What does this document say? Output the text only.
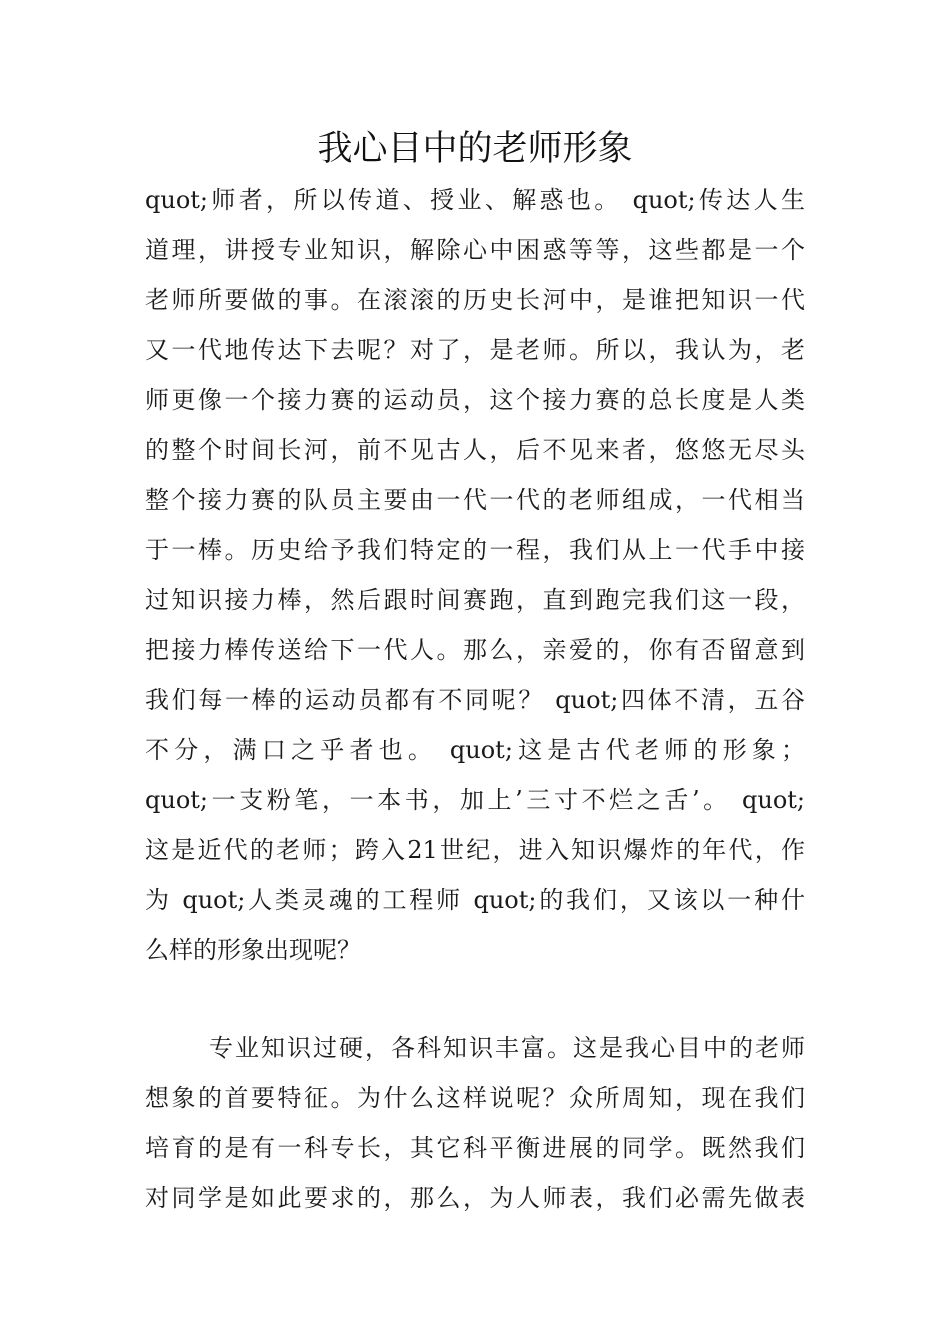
我心目中的老师形象
quot;师者，所以传道、授业、解惑也。 quot;传达人生
道理，讲授专业知识，解除心中困惑等等，这些都是一个
老师所要做的事。在滚滚的历史长河中，是谁把知识一代
又一代地传达下去呢？对了，是老师。所以，我认为，老
师更像一个接力赛的运动员，这个接力赛的总长度是人类
的整个时间长河，前不见古人，后不见来者，悠悠无尽头
整个接力赛的队员主要由一代一代的老师组成，一代相当
于一棒。历史给予我们特定的一程，我们从上一代手中接
过知识接力棒，然后跟时间赛跑，直到跑完我们这一段，
把接力棒传送给下一代人。那么，亲爱的，你有否留意到
我们每一棒的运动员都有不同呢？ quot;四体不清，五谷
不分，满口之乎者也。 quot;这是古代老师的形象；
quot;一支粉笔，一本书，加上’三寸不烂之舌’。 quot;
这是近代的老师；跨入21世纪，进入知识爆炸的年代，作
为 quot;人类灵魂的工程师 quot;的我们，又该以一种什
么样的形象出现呢？
专业知识过硬，各科知识丰富。这是我心目中的老师
想象的首要特征。为什么这样说呢？众所周知，现在我们
培育的是有一科专长，其它科平衡进展的同学。既然我们
对同学是如此要求的，那么，为人师表，我们必需先做表
